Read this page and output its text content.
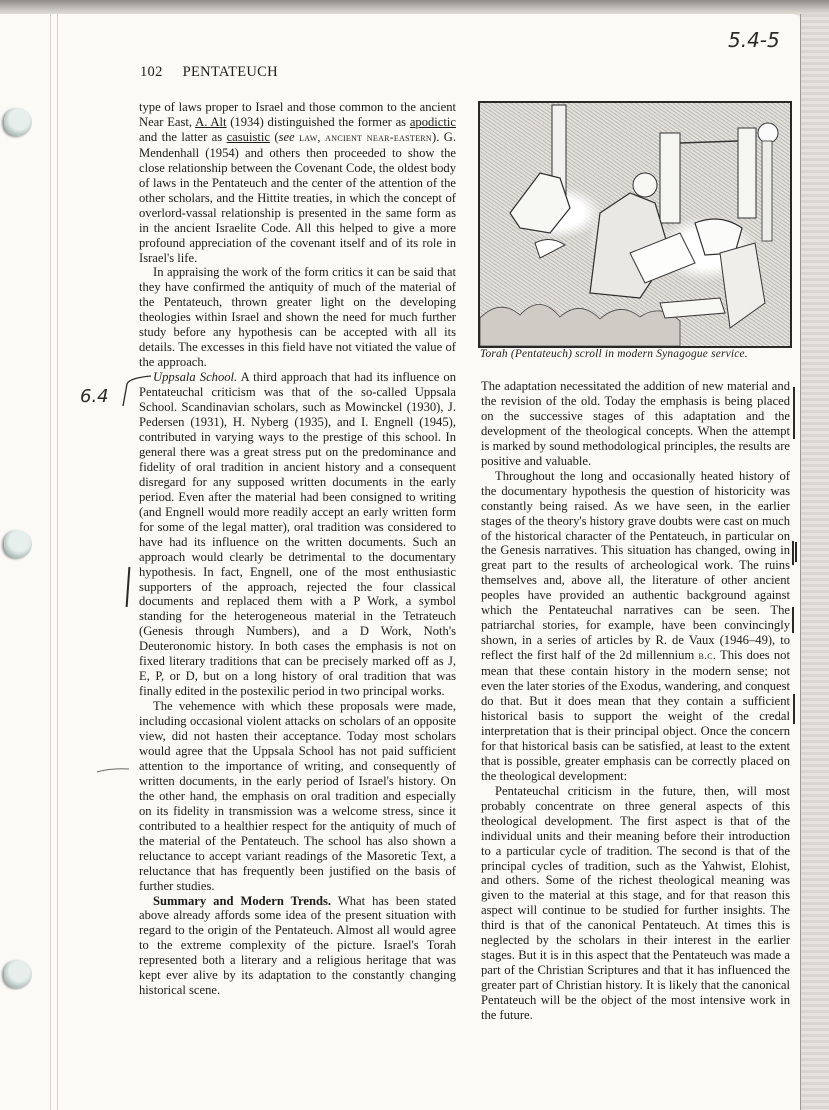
5.4-5
6.4
102 PENTATEUCH

type of laws proper to Israel and those common to the ancient Near East, A. Alt (1934) distinguished the former as apodictic and the latter as casuistic (see law, ancient near-eastern). G. Mendenhall (1954) and others then proceeded to show the close relationship between the Covenant Code, the oldest body of laws in the Pentateuch and the center of the attention of the other scholars, and the Hittite treaties, in which the concept of overlord-vassal relationship is presented in the same form as in the ancient Israelite Code. All this helped to give a more profound appreciation of the covenant itself and of its role in Israel's life.

In appraising the work of the form critics it can be said that they have confirmed the antiquity of much of the material of the Pentateuch, thrown greater light on the developing theologies within Israel and shown the need for much further study before any hypothesis can be accepted with all its details. The excesses in this field have not vitiated the value of the approach.

Uppsala School. A third approach that had its influence on Pentateuchal criticism was that of the so-called Uppsala School. Scandinavian scholars, such as Mowinckel (1930), J. Pedersen (1931), H. Nyberg (1935), and I. Engnell (1945), contributed in varying ways to the prestige of this school. In general there was a great stress put on the predominance and fidelity of oral tradition in ancient history and a consequent disregard for any supposed written documents in the early period. Even after the material had been consigned to writing (and Engnell would more readily accept an early written form for some of the legal matter), oral tradition was considered to have had its influence on the written documents. Such an approach would clearly be detrimental to the documentary hypothesis. In fact, Engnell, one of the most enthusiastic supporters of the approach, rejected the four classical documents and replaced them with a P Work, a symbol standing for the heterogeneous material in the Tetrateuch (Genesis through Numbers), and a D Work, Noth's Deuteronomic history. In both cases the emphasis is not on fixed literary traditions that can be precisely marked off as J, E, P, or D, but on a long history of oral tradition that was finally edited in the postexilic period in two principal works.

The vehemence with which these proposals were made, including occasional violent attacks on scholars of an opposite view, did not hasten their acceptance. Today most scholars would agree that the Uppsala School has not paid sufficient attention to the importance of writing, and consequently of written documents, in the early period of Israel's history. On the other hand, the emphasis on oral tradition and especially on its fidelity in transmission was a welcome stress, since it contributed to a healthier respect for the antiquity of much of the material of the Pentateuch. The school has also shown a reluctance to accept variant readings of the Masoretic Text, a reluctance that has frequently been justified on the basis of further studies.

Summary and Modern Trends. What has been stated above already affords some idea of the present situation with regard to the origin of the Pentateuch. Almost all would agree to the extreme complexity of the picture. Israel's Torah represented both a literary and a religious heritage that was kept ever alive by its adaptation to the constantly changing historical scene.

Torah (Pentateuch) scroll in modern Synagogue service.

The adaptation necessitated the addition of new material and the revision of the old. Today the emphasis is being placed on the successive stages of this adaptation and the development of the theological concepts. When the attempt is marked by sound methodological principles, the results are positive and valuable.

Throughout the long and occasionally heated history of the documentary hypothesis the question of historicity was constantly being raised. As we have seen, in the earlier stages of the theory's history grave doubts were cast on much of the historical character of the Pentateuch, in particular on the Genesis narratives. This situation has changed, owing in great part to the results of archeological work. The ruins themselves and, above all, the literature of other ancient peoples have provided an authentic background against which the Pentateuchal narratives can be seen. The patriarchal stories, for example, have been convincingly shown, in a series of articles by R. de Vaux (1946–49), to reflect the first half of the 2d millennium b.c. This does not mean that these contain history in the modern sense; not even the later stories of the Exodus, wandering, and conquest do that. But it does mean that they contain a sufficient historical basis to support the weight of the credal interpretation that is their principal object. Once the concern for that historical basis can be satisfied, at least to the extent that is possible, greater emphasis can be correctly placed on the theological development:

Pentateuchal criticism in the future, then, will most probably concentrate on three general aspects of this theological development. The first aspect is that of the individual units and their meaning before their introduction to a particular cycle of tradition. The second is that of the principal cycles of tradition, such as the Yahwist, Elohist, and others. Some of the richest theological meaning was given to the material at this stage, and for that reason this aspect will continue to be studied for further insights. The third is that of the canonical Pentateuch. At times this is neglected by the scholars in their interest in the earlier stages. But it is in this aspect that the Pentateuch was made a part of the Christian Scriptures and that it has influenced the greater part of Christian history. It is likely that the canonical Pentateuch will be the object of the most intensive work in the future.
